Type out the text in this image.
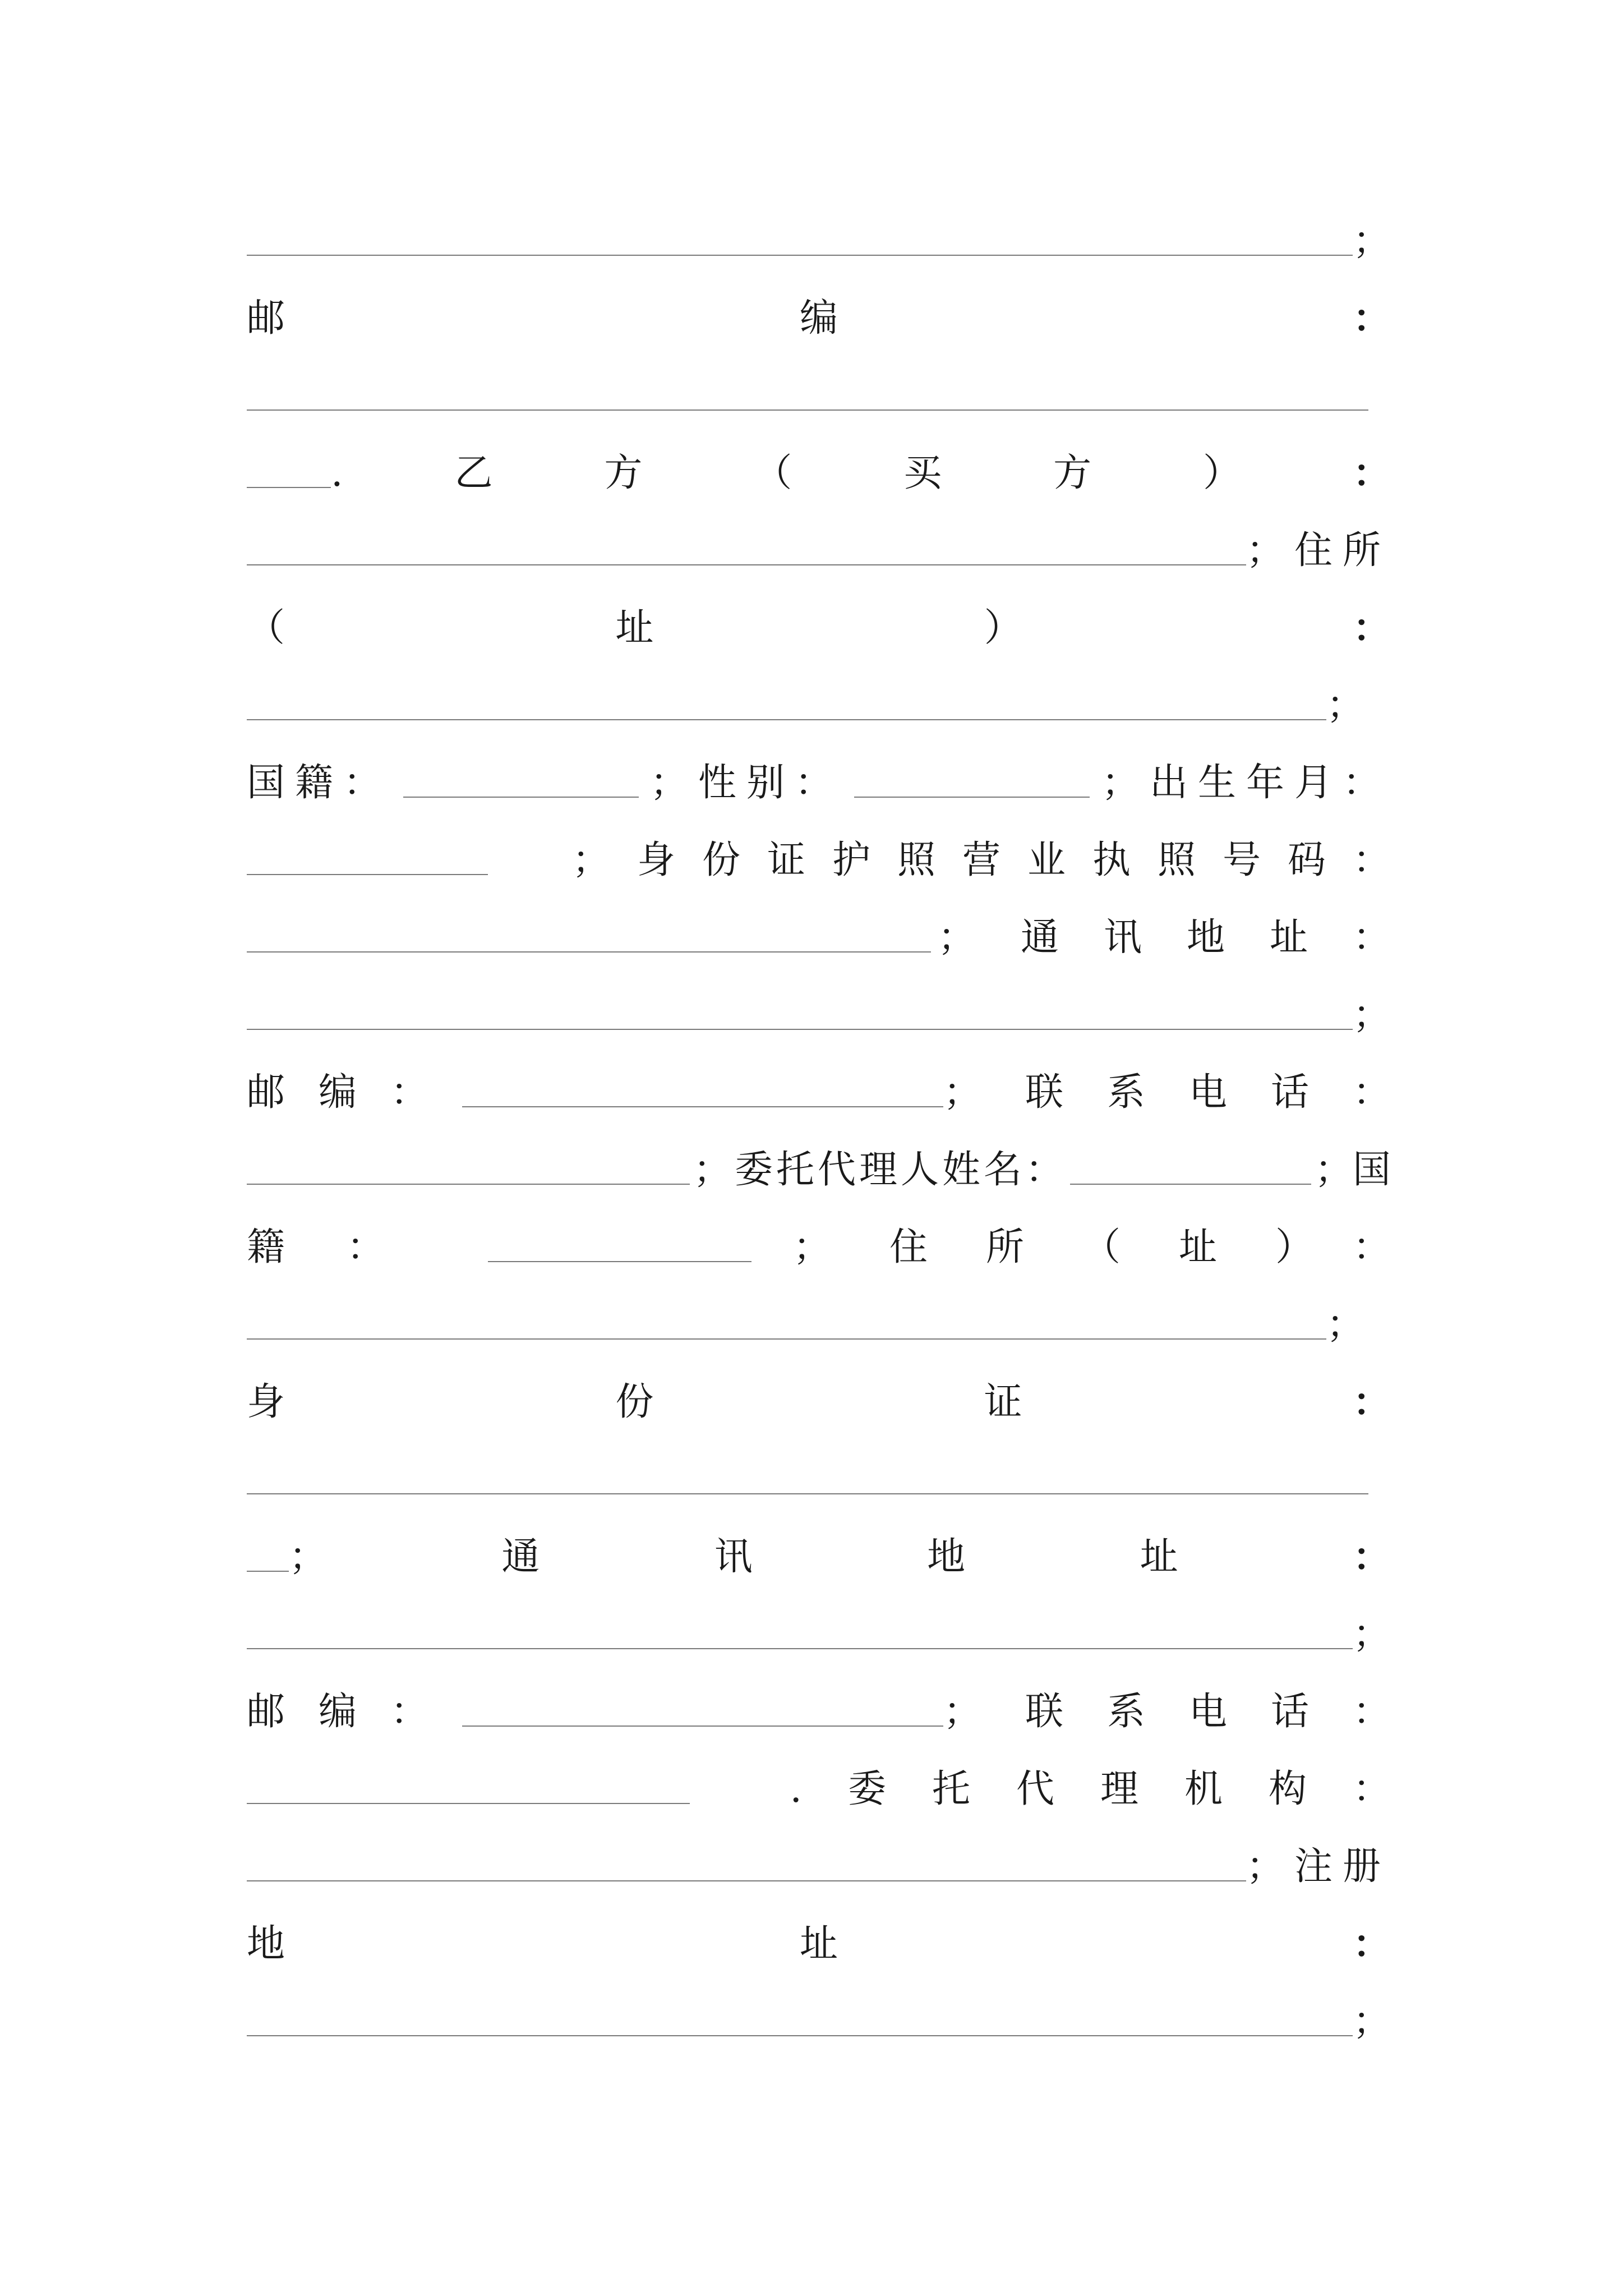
；
邮	编	：
.	乙	方	（	买	方	）	：
； 住所
（	址	）	：
；
国籍：	；性别：	；出生年月：
；身份证护照营业执照号码：
；通讯地址：
；
邮编：	；联系电话：
；委托代理人姓名：	；国
籍：	；住所（址）：
；
身	份	证	：
；	通	讯	地	址	：
；
邮编：	；联系电话：
.委托代理机构：
； 注册
地	址	：
；
